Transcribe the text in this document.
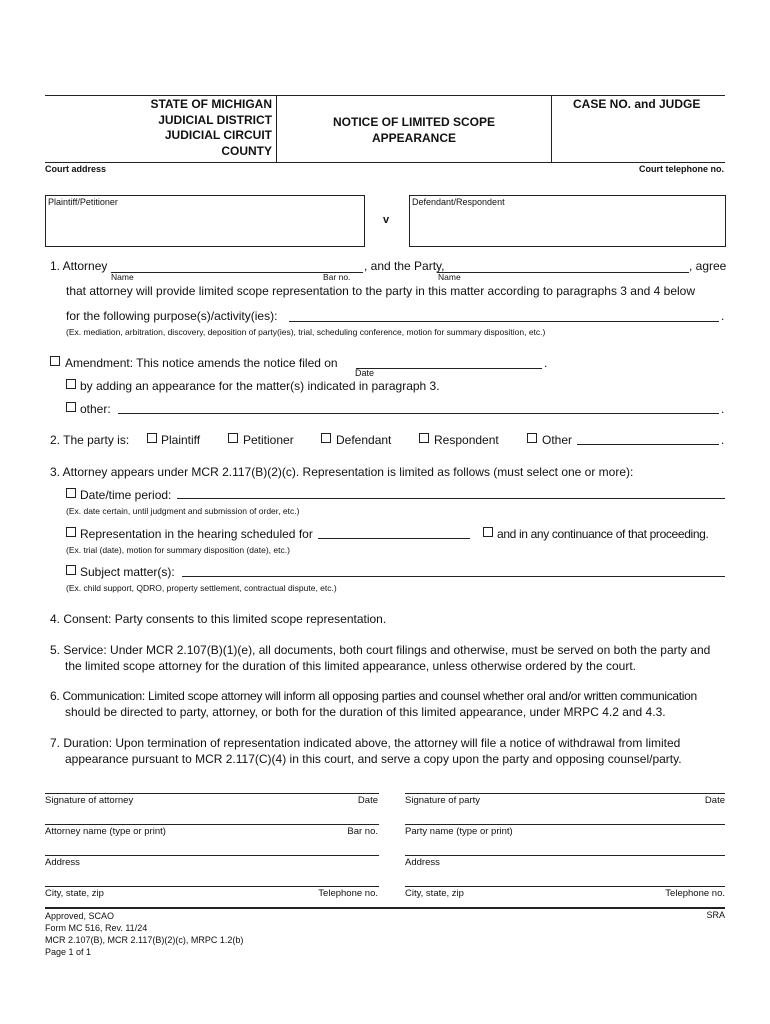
STATE OF MICHIGAN
JUDICIAL DISTRICT
JUDICIAL CIRCUIT
COUNTY
NOTICE OF LIMITED SCOPE
APPEARANCE
CASE NO. and JUDGE
Court address	Court telephone no.
Plaintiff/Petitioner
v
Defendant/Respondent
1. Attorney
Name	Bar no.
, and the Party,
Name
, agree
that attorney will provide limited scope representation to the party in this matter according to paragraphs 3 and 4 below
for the following purpose(s)/activity(ies):	.
(Ex. mediation, arbitration, discovery, deposition of party(ies), trial, scheduling conference, motion for summary disposition, etc.)
Amendment: This notice amends the notice filed on	.
Date
by adding an appearance for the matter(s) indicated in paragraph 3.
other:	.
2. The party is:	Plaintiff	Petitioner	Defendant	Respondent	Other	.
3. Attorney appears under MCR 2.117(B)(2)(c). Representation is limited as follows (must select one or more):
Date/time period:
(Ex. date certain, until judgment and submission of order, etc.)
Representation in the hearing scheduled for	and in any continuance of that proceeding.
(Ex. trial (date), motion for summary disposition (date), etc.)
Subject matter(s):
(Ex. child support, QDRO, property settlement, contractual dispute, etc.)
4. Consent: Party consents to this limited scope representation.
5. Service: Under MCR 2.107(B)(1)(e), all documents, both court filings and otherwise, must be served on both the party and
the limited scope attorney for the duration of this limited appearance, unless otherwise ordered by the court.
6. Communication: Limited scope attorney will inform all opposing parties and counsel whether oral and/or written communication
should be directed to party, attorney, or both for the duration of this limited appearance, under MRPC 4.2 and 4.3.
7. Duration: Upon termination of representation indicated above, the attorney will file a notice of withdrawal from limited
appearance pursuant to MCR 2.117(C)(4) in this court, and serve a copy upon the party and opposing counsel/party.
Signature of attorney	Date
Attorney name (type or print)	Bar no.
Address
City, state, zip	Telephone no.
Signature of party	Date
Party name (type or print)
Address
City, state, zip	Telephone no.
Approved, SCAO
Form MC 516, Rev. 11/24
MCR 2.107(B), MCR 2.117(B)(2)(c), MRPC 1.2(b)
Page 1 of 1
SRA
